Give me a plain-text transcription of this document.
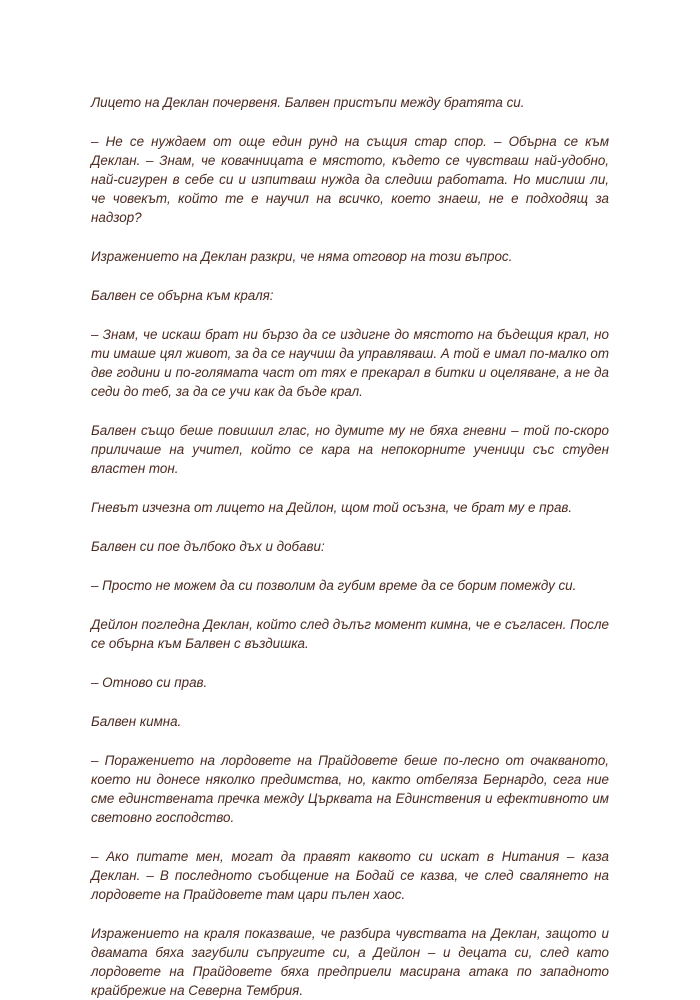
Лицето на Деклан почервеня. Балвен пристъпи между братята си.

– Не се нуждаем от още един рунд на същия стар спор. – Обърна се към Деклан. – Знам, че ковачницата е мястото, където се чувстваш най-удобно, най-сигурен в себе си и изпитваш нужда да следиш работата. Но мислиш ли, че човекът, който те е научил на всичко, което знаеш, не е подходящ за надзор?

Изражението на Деклан разкри, че няма отговор на този въпрос.

Балвен се обърна към краля:

– Знам, че искаш брат ни бързо да се издигне до мястото на бъдещия крал, но ти имаше цял живот, за да се научиш да управляваш. А той е имал по-малко от две години и по-голямата част от тях е прекарал в битки и оцеляване, а не да седи до теб, за да се учи как да бъде крал.

Балвен също беше повишил глас, но думите му не бяха гневни – той по-скоро приличаше на учител, който се кара на непокорните ученици със студен властен тон.

Гневът изчезна от лицето на Дейлон, щом той осъзна, че брат му е прав.

Балвен си пое дълбоко дъх и добави:

– Просто не можем да си позволим да губим време да се борим помежду си.

Дейлон погледна Деклан, който след дълъг момент кимна, че е съгласен. После се обърна към Балвен с въздишка.

– Отново си прав.

Балвен кимна.

– Поражението на лордовете на Прайдовете беше по-лесно от очакваното, което ни донесе няколко предимства, но, както отбеляза Бернардо, сега ние сме единствената пречка между Църквата на Единствения и ефективното им световно господство.

– Ако питате мен, могат да правят каквото си искат в Нитания – каза Деклан. – В последното съобщение на Бодай се казва, че след свалянето на лордовете на Прайдовете там цари пълен хаос.

Изражението на краля показваше, че разбира чувствата на Деклан, защото и двамата бяха загубили съпругите си, а Дейлон – и децата си, след като лордовете на Прайдовете бяха предприели масирана атака по западното крайбрежие на Северна Тембрия.
